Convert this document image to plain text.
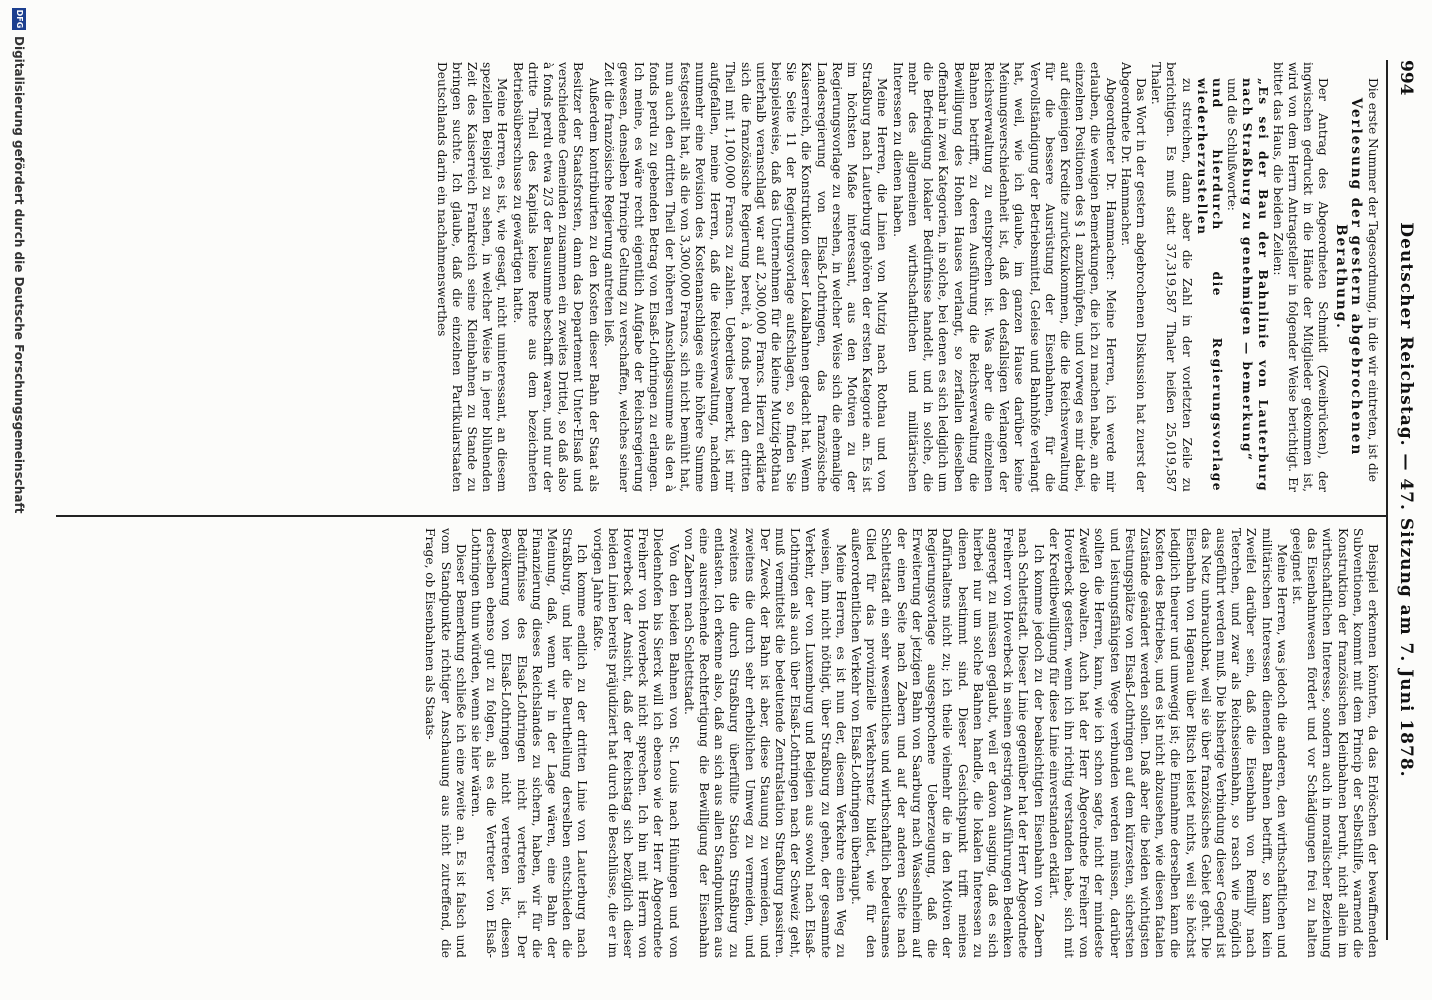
994
Deutscher Reichstag. — 47. Sitzung am 7. Juni 1878.

Die erste Nummer der Tagesordnung, in die wir eintreten, ist die

Verlesung der gestern abgebrochenen Berathung.

Der Antrag des Abgeordneten Schmidt (Zweibrücken), der ingwischen gedruckt in die Hände der Mitglieder gekommen ist, wird von dem Herrn Antragsteller in folgender Weise berichtigt. Er bittet das Haus, die beiden Zeilen:

„Es sei der Bau der Bahnlinie von Lauterburg nach Straßburg zu genehmigen — bemerkung“

und die Schlußworte:

und hierdurch die Regierungsvorlage wiederherzustellen

zu streichen, dann aber die Zahl in der vorletzten Zeile zu berichtigen. Es muß statt 37,319,587 Thaler heißen 25,019,587 Thaler.

Das Wort in der gestern abgebrochenen Diskussion hat zuerst der Abgeordnete Dr. Hammacher.

Abgeordneter Dr. Hammacher: Meine Herren, ich werde mir erlauben, die wenigen Bemerkungen, die ich zu machen habe, an die einzelnen Positionen des § 1 anzuknüpfen, und vorweg es mir dabei, auf diejenigen Kredite zurückzukommen, die die Reichsverwaltung für die bessere Ausrüstung der Eisenbahnen, für die Vervollständigung der Betriebsmittel, Geleise und Bahnhöfe verlangt hat, weil, wie ich glaube, im ganzen Hause darüber keine Meinungsverschiedenheit ist, daß den desfallsigen Verlangen der Reichsverwaltung zu entsprechen ist. Was aber die einzelnen Bahnen betrifft, zu deren Ausführung die Reichsverwaltung die Bewilligung des Hohen Hauses verlangt, so zerfallen dieselben offenbar in zwei Kategorien, in solche, bei denen es sich lediglich um die Befriedigung lokaler Bedürfnisse handelt, und in solche, die mehr des allgemeinen wirthschaftlichen und militärischen Interessen zu dienen haben.

Meine Herren, die Linien von Mutzig nach Rothau und von Straßburg nach Lauterburg gehören der ersten Kategorie an. Es ist im höchsten Maße interessant, aus den Motiven zu der Regierungsvorlage zu ersehen, in welcher Weise sich die ehemalige Landesregierung von Elsaß-Lothringen, das französische Kaiserreich, die Konstruktion dieser Lokalbahnen gedacht hat. Wenn Sie Seite 11 der Regierungsvorlage aufschlagen, so finden Sie beispielsweise, daß das Unternehmen für die kleine Mutzig-Rothau unterhalb veranschlagt war auf 2,300,000 Francs. Hierzu erklärte sich die französische Regierung bereit, à fonds perdu den dritten Theil mit 1,100,000 Francs zu zahlen. Ueberdies bemerkt, ist mir aufgefallen, meine Herren, daß die Reichsverwaltung, nachdem nunmehr eine Revision des Kostenanschlages eine höhere Summe festgestellt hat, als die von 3,300,000 Francs, sich nicht bemüht hat, nun auch den dritten Theil der höheren Anschlagssumme als den à fonds perdu zu gebenden Betrag von Elsaß-Lothringen zu erlangen. Ich meine, es wäre recht eigentlich Aufgabe der Reichsregierung gewesen, denselben Principe Geltung zu verschaffen, welches seiner Zeit die französische Regierung antreten ließ.

Außerdem kontribuirten zu den Kosten dieser Bahn der Staat als Besitzer der Staatsforsten, dann das Departement Unter-Elsaß und verschiedene Gemeinden zusammen ein zweites Drittel, so daß also à fonds perdu etwa 2/3 der Bausumme beschafft waren, und nur der dritte Theil des Kapitals keine Rente aus dem bezeichneten Betriebsüberschusse zu gewärtigen hatte.

Meine Herren, es ist, wie gesagt, nicht uninteressant, an diesem speziellen Beispiel zu sehen, in welcher Weise in jener blühenden Zeit des Kaiserreich Frankreich seine Kleinbahnen zu Stande zu bringen suchte. Ich glaube, daß die einzelnen Partikularstaaten Deutschlands darin ein nachahmenswerthes

Beispiel erkennen könnten, da das Erlöschen der bewaffnenden Subventionen, kommt mit dem Princip der Selbsthilfe, warnend die Konstruktion der französischen Kleinbahnen beruht, nicht allein im wirthschaftlichen Interesse, sondern auch in moralischer Beziehung das Eisenbahnwesen fördert und vor Schädigungen frei zu halten geeignet ist.

Meine Herren, was jedoch die anderen, den wirthschaftlichen und militärischen Interessen dienenden Bahnen betrifft, so kann kein Zweifel darüber sein, daß die Eisenbahn von Remilly nach Teterchen, und zwar als Reichseisenbahn, so rasch wie möglich ausgeführt werden muß. Die bisherige Verbindung dieser Gegend ist das Netz unbrauchbar, weil sie über französisches Gebiet geht. Die Eisenbahn von Hagenau über Bitsch leistet nichts, weil sie höchst lediglich theurer und umwegig ist; die Einnahme derselben kann die Kosten des Betriebes, und es ist nicht abzusehen, wie diesen fatalen Zustände geändert werden sollen. Daß aber die beiden wichtigsten Festungsplätze von Elsaß-Lothringen auf dem kürzesten, sichersten und leistungsfähigsten Wege verbunden werden müssen, darüber sollten die Herren, kann, wie ich schon sagte, nicht der mindeste Zweifel obwalten. Auch hat der Herr Abgeordnete Freiherr von Hoverbeck gestern, wenn ich ihn richtig verstanden habe, sich mit der Kreditbewilligung für diese Linie einverstanden erklärt.

Ich komme jedoch zu der beabsichtigten Eisenbahn von Zabern nach Schlettstadt. Dieser Linie gegenüber hat der Herr Abgeordnete Freiherr von Hoverbeck in seinen gestrigen Ausführungen Bedenken angeregt zu müssen geglaubt, weil er davon ausging, daß es sich hierbei nur um solche Bahnen handle, die lokalen Interessen zu dienen bestimmt sind. Dieser Gesichtspunkt trifft meines Dafürhaltens nicht zu; ich theile vielmehr die in den Motiven der Regierungsvorlage ausgesprochene Ueberzeugung, daß die Erweiterung der jetzigen Bahn von Saarburg nach Wasselnheim auf der einen Seite nach Zabern und auf der anderen Seite nach Schlettstadt ein sehr wesentliches und wirthschaftlich bedeutsames Glied für das provinzielle Verkehrsnetz bildet, wie für den außerordentlichen Verkehr von Elsaß-Lothringen überhaupt.

Meine Herren, es ist nun der, diesem Verkehre einen Weg zu weisen, ihm nicht nöthigt, über Straßburg zu gehen, der gesammte Verkehr, der von Luxemburg und Belgien aus sowohl nach Elsaß-Lothringen als auch über Elsaß-Lothringen nach der Schweiz geht, muß vermittelst die bedeutende Zentralstation Straßburg passiren. Der Zweck der Bahn ist aber, diese Stauung zu vermeiden, und zweitens die durch sehr erheblichen Umweg zu vermeiden, und zweitens die durch Straßburg überfüllte Station Straßburg zu entlasten. Ich erkenne also, daß an sich aus allen Standpunkten aus eine ausreichende Rechtfertigung die Bewilligung der Eisenbahn von Zabern nach Schlettstadt.

Von den beiden Bahnen von St. Louis nach Hüningen und von Diedenhofen bis Sierck will ich ebenso wie der Herr Abgeordnete Freiherr von Hoverbeck nicht sprechen. Ich bin mit Herrn von Hoverbeck der Ansicht, daß der Reichstag sich bezüglich dieser beiden Linien bereits präjudiziert hat durch die Beschlüsse, die er im vorigen Jahre faßte.

Ich komme endlich zu der dritten Linie von Lauterburg nach Straßburg, und hier die Beurtheilung derselben entschieden die Meinung, daß, wenn wir in der Lage wären, eine Bahn der Finanzierung dieses Reichslandes zu sichern, haben, wir für die Bedürfnisse des Elsaß-Lothringen nicht vertreten ist. Der Bevölkerung von Elsaß-Lothringen nicht vertreten ist, diesen derselben ebenso gut zu folgen, als es die Vertreter von Elsaß-Lothringen thun würden, wenn sie hier wären.

Dieser Bemerkung schließe ich eine zweite an. Es ist falsch und vom Standpunkte richtiger Anschauung aus nicht zutreffend, die Frage, ob Eisenbahnen als Staats-

DFG
Digitalisierung gefördert durch die Deutsche Forschungsgemeinschaft
